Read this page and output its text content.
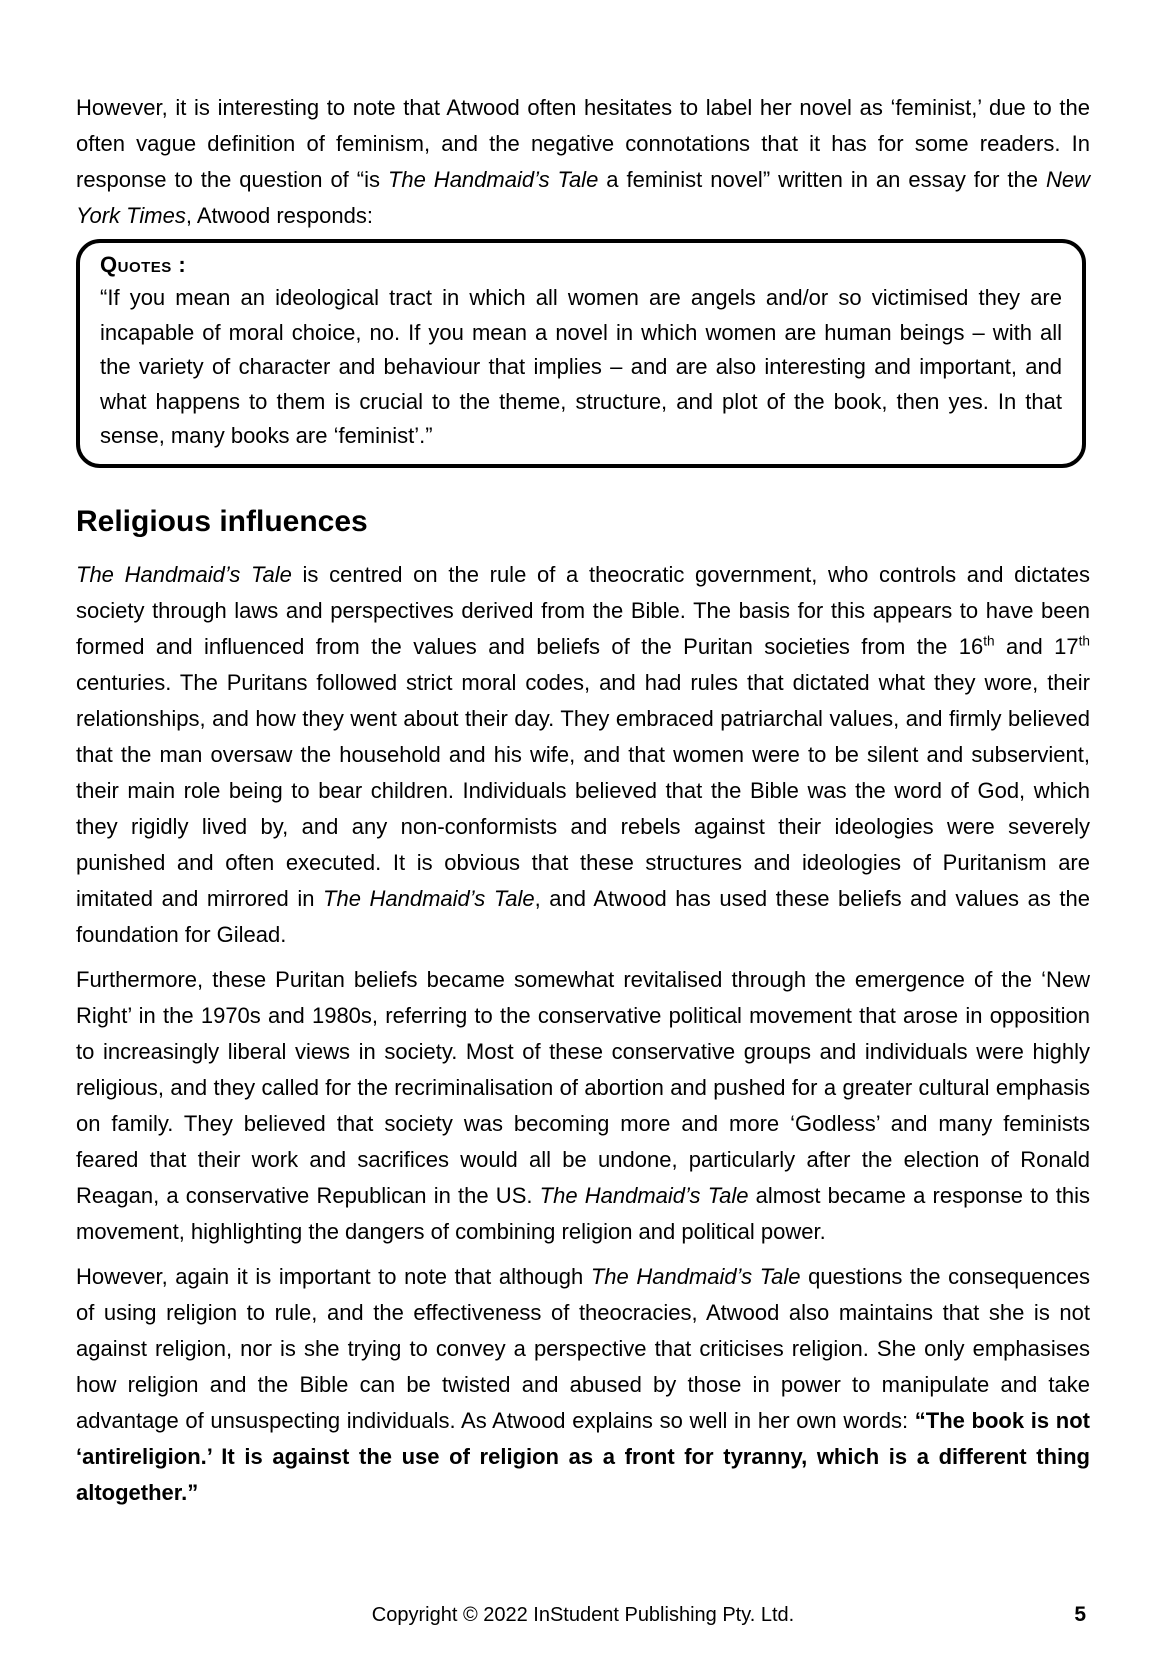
However, it is interesting to note that Atwood often hesitates to label her novel as ‘feminist,’ due to the often vague definition of feminism, and the negative connotations that it has for some readers. In response to the question of “is The Handmaid’s Tale a feminist novel” written in an essay for the New York Times, Atwood responds:

Quotes :
“If you mean an ideological tract in which all women are angels and/or so victimised they are incapable of moral choice, no. If you mean a novel in which women are human beings – with all the variety of character and behaviour that implies – and are also interesting and important, and what happens to them is crucial to the theme, structure, and plot of the book, then yes. In that sense, many books are ‘feminist’.”
Religious influences

The Handmaid’s Tale is centred on the rule of a theocratic government, who controls and dictates society through laws and perspectives derived from the Bible. The basis for this appears to have been formed and influenced from the values and beliefs of the Puritan societies from the 16th and 17th centuries. The Puritans followed strict moral codes, and had rules that dictated what they wore, their relationships, and how they went about their day. They embraced patriarchal values, and firmly believed that the man oversaw the household and his wife, and that women were to be silent and subservient, their main role being to bear children. Individuals believed that the Bible was the word of God, which they rigidly lived by, and any non-conformists and rebels against their ideologies were severely punished and often executed. It is obvious that these structures and ideologies of Puritanism are imitated and mirrored in The Handmaid’s Tale, and Atwood has used these beliefs and values as the foundation for Gilead.

Furthermore, these Puritan beliefs became somewhat revitalised through the emergence of the ‘New Right’ in the 1970s and 1980s, referring to the conservative political movement that arose in opposition to increasingly liberal views in society. Most of these conservative groups and individuals were highly religious, and they called for the recriminalisation of abortion and pushed for a greater cultural emphasis on family. They believed that society was becoming more and more ‘Godless’ and many feminists feared that their work and sacrifices would all be undone, particularly after the election of Ronald Reagan, a conservative Republican in the US. The Handmaid’s Tale almost became a response to this movement, highlighting the dangers of combining religion and political power.

However, again it is important to note that although The Handmaid’s Tale questions the consequences of using religion to rule, and the effectiveness of theocracies, Atwood also maintains that she is not against religion, nor is she trying to convey a perspective that criticises religion. She only emphasises how religion and the Bible can be twisted and abused by those in power to manipulate and take advantage of unsuspecting individuals. As Atwood explains so well in her own words: “The book is not ‘antireligion.’ It is against the use of religion as a front for tyranny, which is a different thing altogether.”

Copyright © 2022 InStudent Publishing Pty. Ltd.	5
